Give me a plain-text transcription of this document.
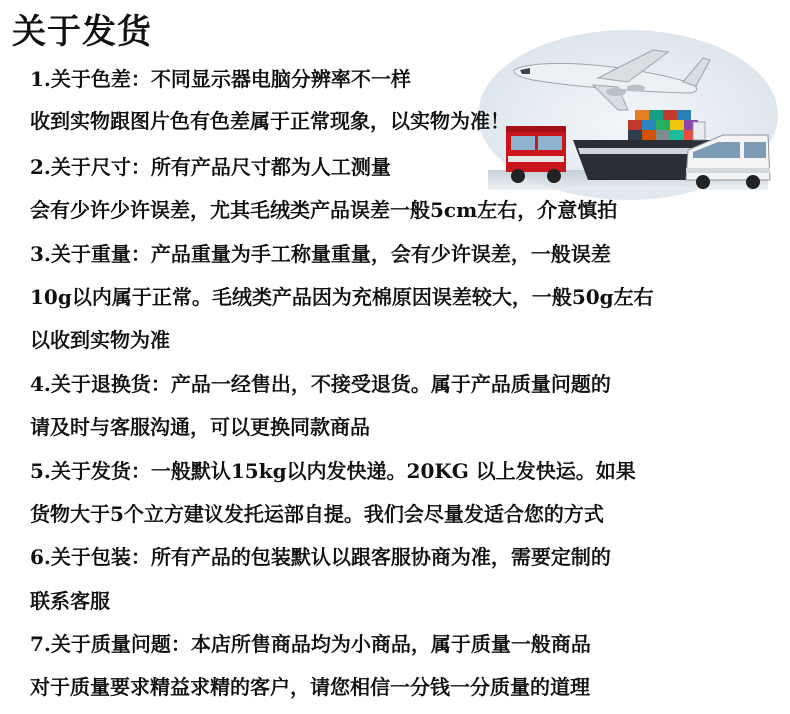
关于发货
1.关于色差：不同显示器电脑分辨率不一样
收到实物跟图片色有色差属于正常现象，以实物为准！
2.关于尺寸：所有产品尺寸都为人工测量
会有少许少许误差，尤其毛绒类产品误差一般5cm左右，介意慎拍
3.关于重量：产品重量为手工称量重量，会有少许误差，一般误差
10g以内属于正常。毛绒类产品因为充棉原因误差较大，一般50g左右
以收到实物为准
4.关于退换货：产品一经售出，不接受退货。属于产品质量问题的
请及时与客服沟通，可以更换同款商品
5.关于发货：一般默认15kg以内发快递。20KG 以上发快运。如果
货物大于5个立方建议发托运部自提。我们会尽量发适合您的方式
6.关于包装：所有产品的包装默认以跟客服协商为准，需要定制的
联系客服
7.关于质量问题：本店所售商品均为小商品，属于质量一般商品
对于质量要求精益求精的客户，请您相信一分钱一分质量的道理
